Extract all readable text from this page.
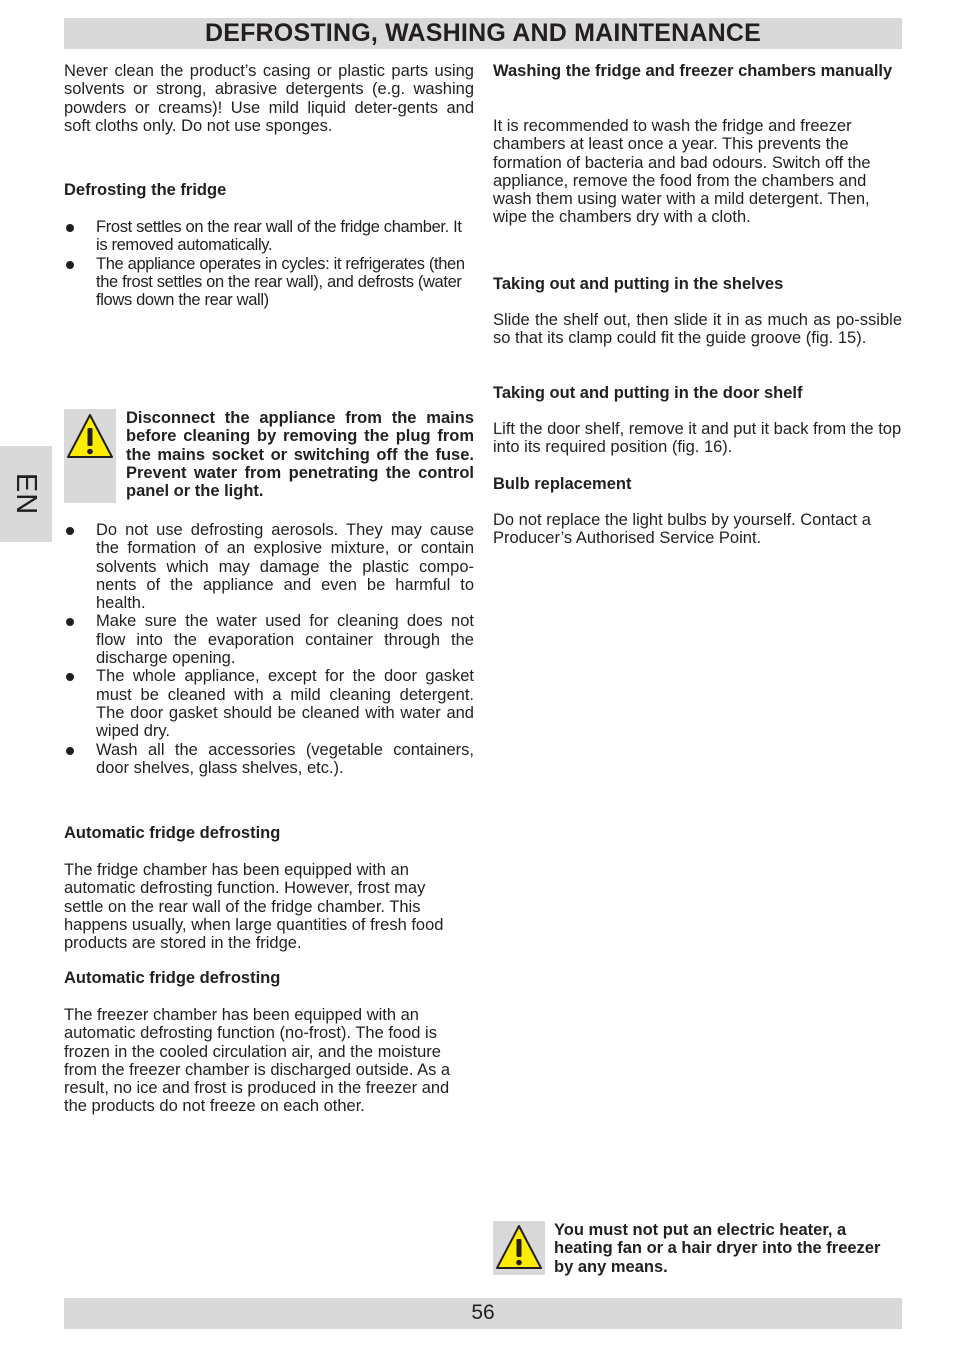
DEFROSTING, WASHING AND MAINTENANCE
EN

Never clean the product’s casing or plastic parts using solvents or strong, abrasive detergents (e.g. washing powders or creams)! Use mild liquid deter-gents and soft cloths only. Do not use sponges.

Defrosting the fridge

Frost settles on the rear wall of the fridge chamber. It is removed automatically.
The appliance operates in cycles: it refrigerates (then the frost settles on the rear wall), and defrosts (water flows down the rear wall)

Disconnect the appliance from the mains before cleaning by removing the plug from the mains socket or switching off the fuse. Prevent water from penetrating the control panel or the light.

Do not use defrosting aerosols. They may cause the formation of an explosive mixture, or contain solvents which may damage the plastic compo-nents of the appliance and even be harmful to health.
Make sure the water used for cleaning does not flow into the evaporation container through the discharge opening.
The whole appliance, except for the door gasket must be cleaned with a mild cleaning detergent. The door gasket should be cleaned with water and wiped dry.
Wash all the accessories (vegetable containers, door shelves, glass shelves, etc.).

Automatic fridge defrosting

The fridge chamber has been equipped with an automatic defrosting function. However, frost may settle on the rear wall of the fridge chamber. This happens usually, when large quantities of fresh food products are stored in the fridge.

Automatic fridge defrosting

The freezer chamber has been equipped with an automatic defrosting function (no-frost). The food is frozen in the cooled circulation air, and the moisture from the freezer chamber is discharged outside. As a result, no ice and frost is produced in the freezer and the products do not freeze on each other.

Washing the fridge and freezer chambers manually

It is recommended to wash the fridge and freezer chambers at least once a year. This prevents the formation of bacteria and bad odours. Switch off the appliance, remove the food from the chambers and wash them using water with a mild detergent. Then, wipe the chambers dry with a cloth.

Taking out and putting in the shelves

Slide the shelf out, then slide it in as much as po-ssible so that its clamp could fit the guide groove (fig. 15).

Taking out and putting in the door shelf

Lift the door shelf, remove it and put it back from the top into its required position (fig. 16).

Bulb replacement

Do not replace the light bulbs by yourself. Contact a Producer’s Authorised Service Point.

You must not put an electric heater, a heating fan or a hair dryer into the freezer by any means.

56
